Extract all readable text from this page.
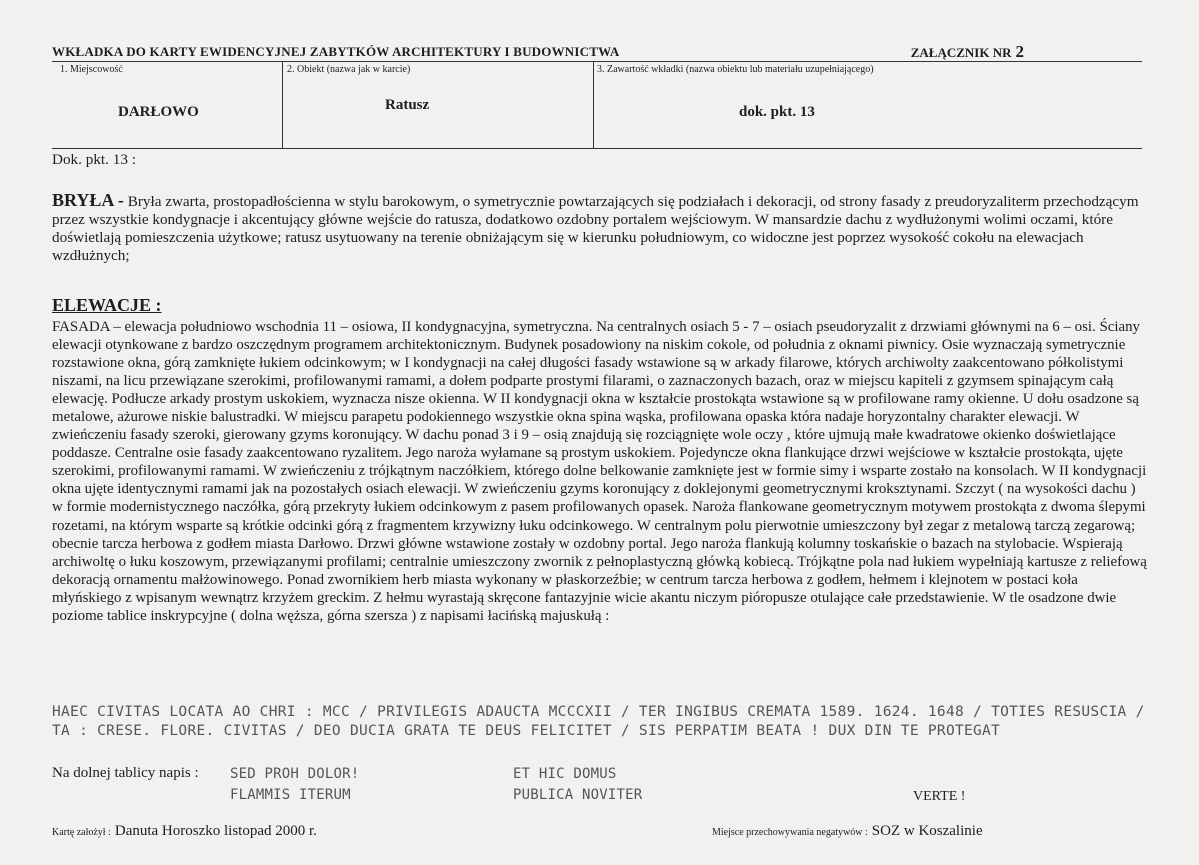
WKŁADKA DO KARTY EWIDENCYJNEJ ZABYTKÓW ARCHITEKTURY I BUDOWNICTWA	ZAŁĄCZNIK NR 2
1. Miejscowość	2. Obiekt (nazwa jak w karcie)	3. Zawartość wkładki (nazwa obiektu lub materiału uzupełniającego)
DARŁOWO	Ratusz	dok. pkt. 13
Dok. pkt. 13 :
BRYŁA - Bryła zwarta, prostopadłościenna w stylu barokowym, o symetrycznie powtarzających się podziałach i dekoracji, od strony fasady z preudoryzaliterm przechodzącym przez wszystkie kondygnacje i akcentujący główne wejście do ratusza, dodatkowo ozdobny portalem wejściowym. W mansardzie dachu z wydłużonymi wolimi oczami, które doświetlają pomieszczenia użytkowe; ratusz usytuowany na terenie obniżającym się w kierunku południowym, co widoczne jest poprzez wysokość cokołu na elewacjach wzdłużnych;
ELEWACJE :
FASADA – elewacja południowo wschodnia 11 – osiowa, II kondygnacyjna, symetryczna. Na centralnych osiach 5 - 7 – osiach pseudoryzalit z drzwiami głównymi na 6 – osi. Ściany elewacji otynkowane z bardzo oszczędnym programem architektonicznym. Budynek posadowiony na niskim cokole, od południa z oknami piwnicy. Osie wyznaczają symetrycznie rozstawione okna, górą zamknięte łukiem odcinkowym; w I kondygnacji na całej długości fasady wstawione są w arkady filarowe, których archiwolty zaakcentowano półkolistymi niszami, na licu przewiązane szerokimi, profilowanymi ramami, a dołem podparte prostymi filarami, o zaznaczonych bazach, oraz w miejscu kapiteli z gzymsem spinającym całą elewację. Podłucze arkady prostym uskokiem, wyznacza nisze okienna. W II kondygnacji okna w kształcie prostokąta wstawione są w profilowane ramy okienne. U dołu osadzone są metalowe, ażurowe niskie balustradki. W miejscu parapetu podokiennego wszystkie okna spina wąska, profilowana opaska która nadaje horyzontalny charakter elewacji. W zwieńczeniu fasady szeroki, gierowany gzyms koronujący. W dachu ponad 3 i 9 – osią znajdują się rozciągnięte wole oczy , które ujmują małe kwadratowe okienko doświetlające poddasze. Centralne osie fasady zaakcentowano ryzalitem. Jego naroża wyłamane są prostym uskokiem. Pojedyncze okna flankujące drzwi wejściowe w kształcie prostokąta, ujęte szerokimi, profilowanymi ramami. W zwieńczeniu z trójkątnym naczółkiem, którego dolne belkowanie zamknięte jest w formie simy i wsparte zostało na konsolach. W II kondygnacji okna ujęte identycznymi ramami jak na pozostałych osiach elewacji. W zwieńczeniu gzyms koronujący z doklejonymi geometrycznymi kroksztynami. Szczyt ( na wysokości dachu ) w formie modernistycznego naczółka, górą przekryty łukiem odcinkowym z pasem profilowanych opasek. Naroża flankowane geometrycznym motywem prostokąta z dwoma ślepymi rozetami, na którym wsparte są krótkie odcinki górą z fragmentem krzywizny łuku odcinkowego. W centralnym polu pierwotnie umieszczony był zegar z metalową tarczą zegarową; obecnie tarcza herbowa z godłem miasta Darłowo. Drzwi główne wstawione zostały w ozdobny portal. Jego naroża flankują kolumny toskańskie o bazach na stylobacie. Wspierają archiwoltę o łuku koszowym, przewiązanymi profilami; centralnie umieszczony zwornik z pełnoplastyczną główką kobiecą. Trójkątne pola nad łukiem wypełniają kartusze z reliefową dekoracją ornamentu małżowinowego. Ponad zwornikiem herb miasta wykonany w płaskorzeźbie; w centrum tarcza herbowa z godłem, hełmem i klejnotem w postaci koła młyńskiego z wpisanym wewnątrz krzyżem greckim. Z hełmu wyrastają skręcone fantazyjnie wicie akantu niczym pióropusze otulające całe przedstawienie. W tle osadzone dwie poziome tablice inskrypcyjne ( dolna węższa, górna szersza ) z napisami łacińską majuskułą :
HAEC CIVITAS LOCATA AO CHRI : MCC / PRIVILEGIS ADAUCTA MCCCXII / TER INGIBUS CREMATA 1589. 1624. 1648 / TOTIES RESUSCIA / TA : CRESE. FLORE. CIVITAS / DEO DUCIA GRATA TE DEUS FELICITET / SIS PERPATIM BEATA ! DUX DIN TE PROTEGAT
Na dolnej tablicy napis : SED PROH DOLOR!
FLAMMIS ITERUM
ET HIC DOMUS
PUBLICA NOVITER	VERTE !
Kartę założył : Danuta Horoszko listopad 2000 r.	Miejsce przechowywania negatywów : SOZ w Koszalinie
